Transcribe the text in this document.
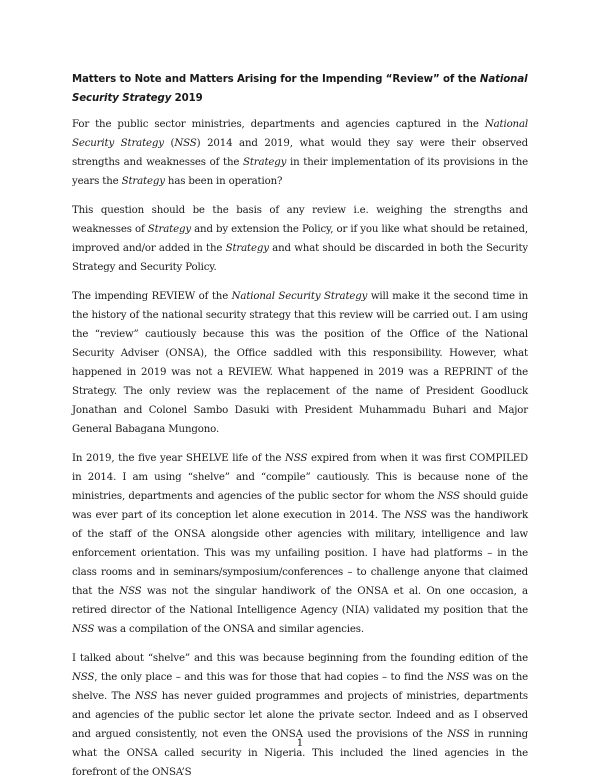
Matters to Note and Matters Arising for the Impending “Review” of the National Security Strategy 2019

For the public sector ministries, departments and agencies captured in the National Security Strategy (NSS) 2014 and 2019, what would they say were their observed strengths and weaknesses of the Strategy in their implementation of its provisions in the years the Strategy has been in operation?

This question should be the basis of any review i.e. weighing the strengths and weaknesses of Strategy and by extension the Policy, or if you like what should be retained, improved and/or added in the Strategy and what should be discarded in both the Security Strategy and Security Policy.

The impending REVIEW of the National Security Strategy will make it the second time in the history of the national security strategy that this review will be carried out. I am using the “review” cautiously because this was the position of the Office of the National Security Adviser (ONSA), the Office saddled with this responsibility. However, what happened in 2019 was not a REVIEW. What happened in 2019 was a REPRINT of the Strategy. The only review was the replacement of the name of President Goodluck Jonathan and Colonel Sambo Dasuki with President Muhammadu Buhari and Major General Babagana Mungono.

In 2019, the five year SHELVE life of the NSS expired from when it was first COMPILED in 2014. I am using “shelve” and “compile” cautiously. This is because none of the ministries, departments and agencies of the public sector for whom the NSS should guide was ever part of its conception let alone execution in 2014. The NSS was the handiwork of the staff of the ONSA alongside other agencies with military, intelligence and law enforcement orientation. This was my unfailing position. I have had platforms – in the class rooms and in seminars/symposium/conferences – to challenge anyone that claimed that the NSS was not the singular handiwork of the ONSA et al. On one occasion, a retired director of the National Intelligence Agency (NIA) validated my position that the NSS was a compilation of the ONSA and similar agencies.

I talked about “shelve” and this was because beginning from the founding edition of the NSS, the only place – and this was for those that had copies – to find the NSS was on the shelve. The NSS has never guided programmes and projects of ministries, departments and agencies of the public sector let alone the private sector. Indeed and as I observed and argued consistently, not even the ONSA used the provisions of the NSS in running what the ONSA called security in Nigeria. This included the lined agencies in the forefront of the ONSA’S

1
